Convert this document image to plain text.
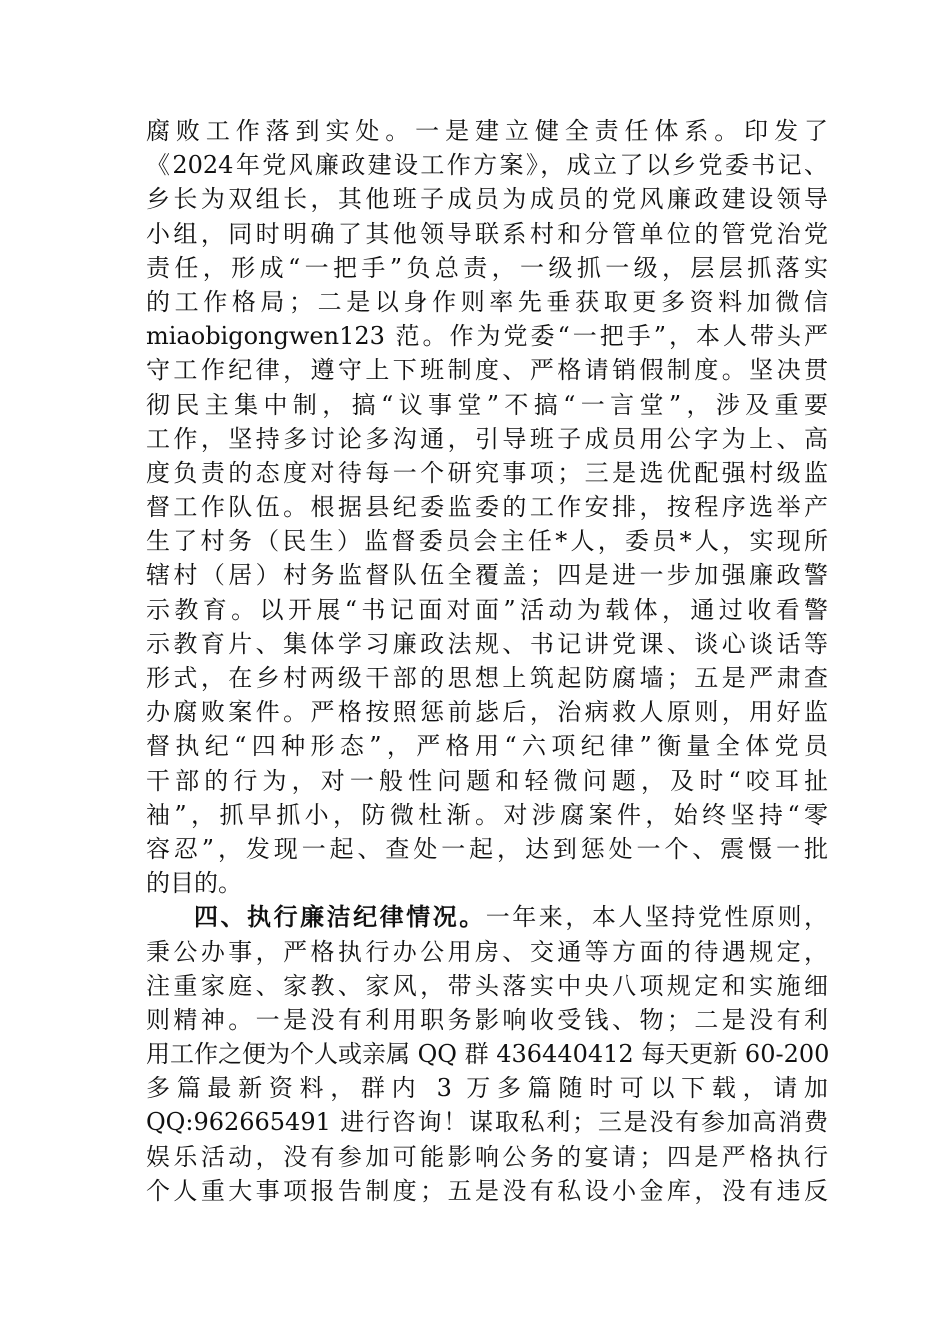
腐败工作落到实处。一是建立健全责任体系。印发了
《2024年党风廉政建设工作方案》，成立了以乡党委书记、
乡长为双组长，其他班子成员为成员的党风廉政建设领导
小组，同时明确了其他领导联系村和分管单位的管党治党
责任，形成“一把手”负总责，一级抓一级，层层抓落实
的工作格局；二是以身作则率先垂获取更多资料加微信
miaobigongwen123 范。作为党委“一把手”，本人带头严
守工作纪律，遵守上下班制度、严格请销假制度。坚决贯
彻民主集中制，搞“议事堂”不搞“一言堂”，涉及重要
工作，坚持多讨论多沟通，引导班子成员用公字为上、高
度负责的态度对待每一个研究事项；三是选优配强村级监
督工作队伍。根据县纪委监委的工作安排，按程序选举产
生了村务（民生）监督委员会主任*人，委员*人，实现所
辖村（居）村务监督队伍全覆盖；四是进一步加强廉政警
示教育。以开展“书记面对面”活动为载体，通过收看警
示教育片、集体学习廉政法规、书记讲党课、谈心谈话等
形式，在乡村两级干部的思想上筑起防腐墙；五是严肃查
办腐败案件。严格按照惩前毖后，治病救人原则，用好监
督执纪“四种形态”，严格用“六项纪律”衡量全体党员
干部的行为，对一般性问题和轻微问题，及时“咬耳扯
袖”，抓早抓小，防微杜渐。对涉腐案件，始终坚持“零
容忍”，发现一起、查处一起，达到惩处一个、震慑一批
的目的。
四、执行廉洁纪律情况。一年来，本人坚持党性原则，
秉公办事，严格执行办公用房、交通等方面的待遇规定，
注重家庭、家教、家风，带头落实中央八项规定和实施细
则精神。一是没有利用职务影响收受钱、物；二是没有利
用工作之便为个人或亲属 QQ 群 436440412 每天更新 60-200
多篇最新资料，群内 3 万多篇随时可以下载，请加
QQ:962665491 进行咨询！谋取私利；三是没有参加高消费
娱乐活动，没有参加可能影响公务的宴请；四是严格执行
个人重大事项报告制度；五是没有私设小金库，没有违反
